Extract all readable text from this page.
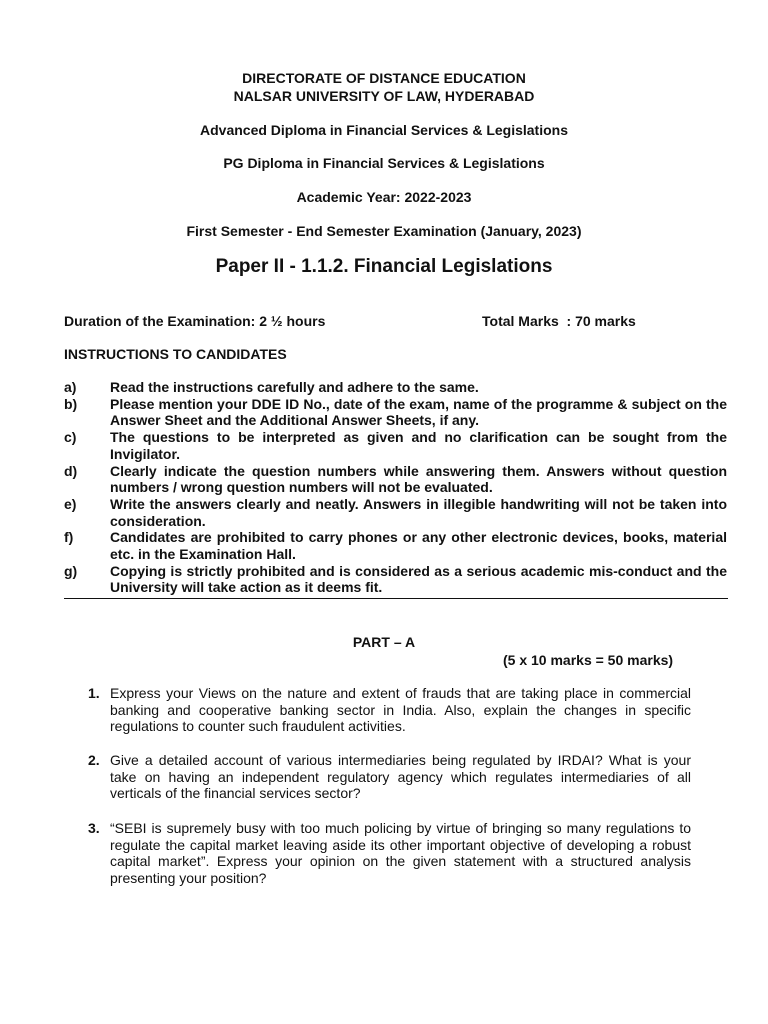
DIRECTORATE OF DISTANCE EDUCATION
NALSAR UNIVERSITY OF LAW, HYDERABAD
Advanced Diploma in Financial Services & Legislations
PG Diploma in Financial Services & Legislations
Academic Year: 2022-2023
First Semester - End Semester Examination (January, 2023)
Paper II - 1.1.2. Financial Legislations
Duration of the Examination: 2 ½ hours	Total Marks  : 70 marks
INSTRUCTIONS TO CANDIDATES
a)	Read the instructions carefully and adhere to the same.
b)	Please mention your DDE ID No., date of the exam, name of the programme & subject on the Answer Sheet and the Additional Answer Sheets, if any.
c)	The questions to be interpreted as given and no clarification can be sought from the Invigilator.
d)	Clearly indicate the question numbers while answering them. Answers without question numbers / wrong question numbers will not be evaluated.
e)	Write the answers clearly and neatly. Answers in illegible handwriting will not be taken into consideration.
f)	Candidates are prohibited to carry phones or any other electronic devices, books, material etc. in the Examination Hall.
g)	Copying is strictly prohibited and is considered as a serious academic mis-conduct and the University will take action as it deems fit.
PART – A
(5 x 10 marks = 50 marks)
1. Express your Views on the nature and extent of frauds that are taking place in commercial banking and cooperative banking sector in India. Also, explain the changes in specific regulations to counter such fraudulent activities.
2. Give a detailed account of various intermediaries being regulated by IRDAI? What is your take on having an independent regulatory agency which regulates intermediaries of all verticals of the financial services sector?
3. “SEBI is supremely busy with too much policing by virtue of bringing so many regulations to regulate the capital market leaving aside its other important objective of developing a robust capital market”. Express your opinion on the given statement with a structured analysis presenting your position?
